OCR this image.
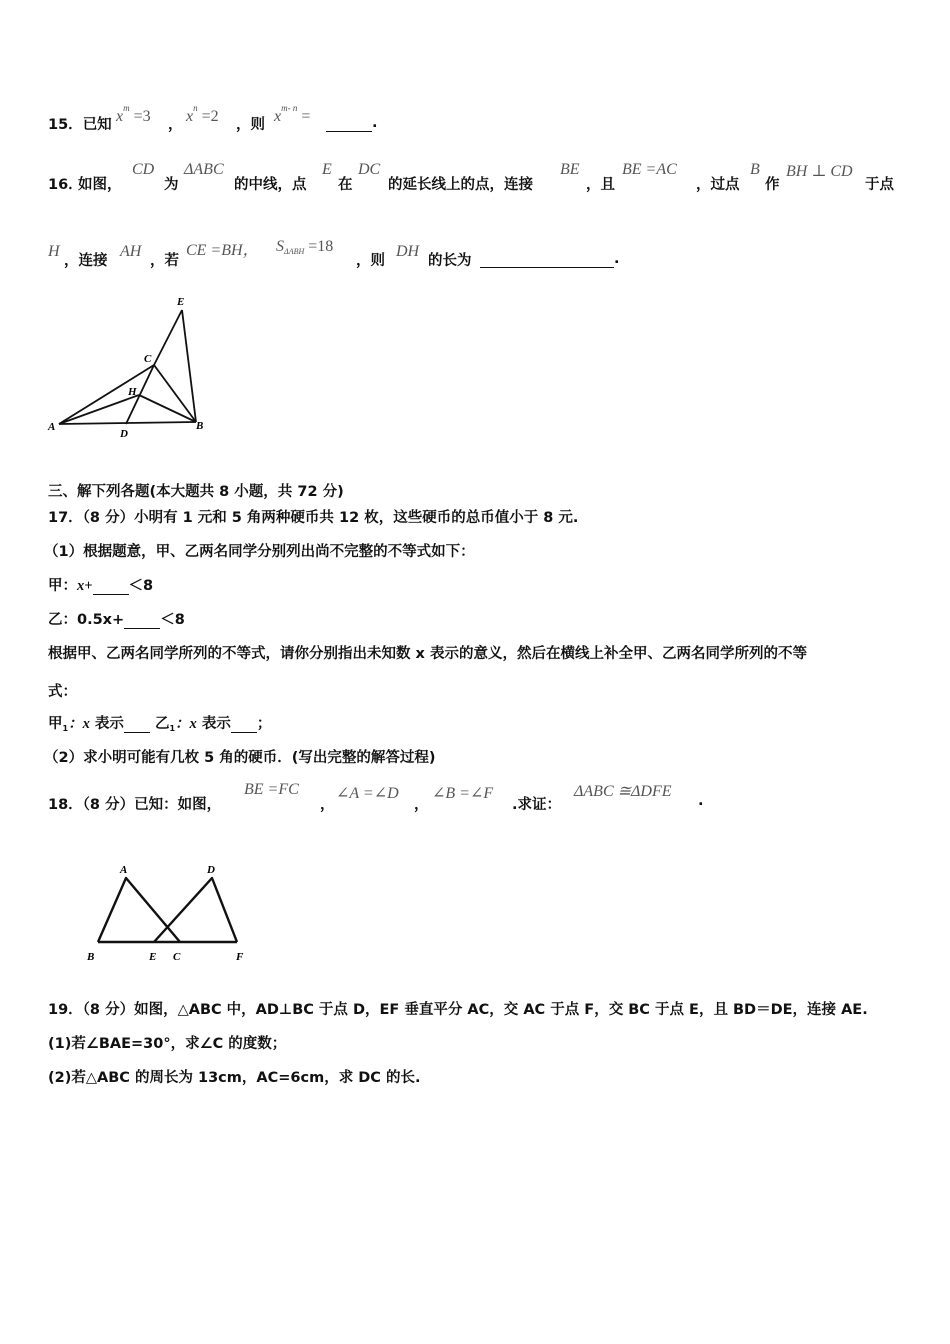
15．已知 $x^m =3$ ， $x^n =2$ ，则 $x^{m- n}$ =	.
16．
如图，
CD
为
ΔABC
的中线，点
E
在
DC
的延长线上的点，连接
BE
，且
BE =AC
，过点
B
作
BH ⊥ CD
于点
H
，连接
AH
，若
CE =BH， $S_{\Delta ABH} =18$
，则
DH
的长为	.
E
C
H
A
D
B
三、解下列各题(本大题共 8 小题，共 72 分)
17．（8 分）小明有 1 元和 5 角两种硬币共 12 枚，这些硬币的总币值小于 8 元.
（1）根据题意，甲、乙两名同学分别列出尚不完整的不等式如下：
甲：x+ ＜8
乙：0.5x+ ＜8
根据甲、乙两名同学所列的不等式，请你分别指出未知数 x 表示的意义，然后在横线上补全甲、乙两名同学所列的不等
式：
甲$_1$：x 表示 乙$_1$：x 表示 ；
（2）求小明可能有几枚 5 角的硬币．(写出完整的解答过程)
18．（8 分）已知：如图，
BE =FC
，
∠A =∠D
，
∠B =∠F
.求证：
ΔABC ≅ΔDFE
.
A	D
B	E C	F
19．（8 分）如图，△ABC 中，AD⊥BC 于点 D，EF 垂直平分 AC，交 AC 于点 F，交 BC 于点 E，且 BD＝DE，连接 AE.
(1)若∠BAE=30°，求∠C 的度数；
(2)若△ABC 的周长为 13cm，AC=6cm，求 DC 的长.
